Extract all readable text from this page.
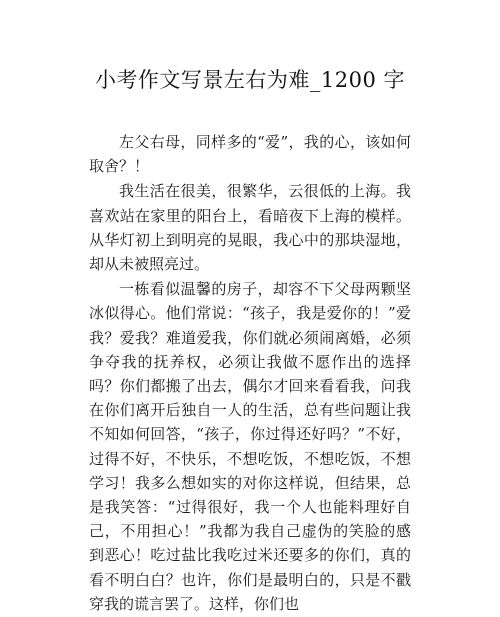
小考作文写景左右为难_1200 字

左父右母，同样多的“爱”，我的心，该如何取舍？！

我生活在很美，很繁华，云很低的上海。我喜欢站在家里的阳台上，看暗夜下上海的模样。从华灯初上到明亮的晃眼，我心中的那块湿地，却从未被照亮过。

一栋看似温馨的房子，却容不下父母两颗坚冰似得心。他们常说：“孩子，我是爱你的！”爱我？爱我？难道爱我，你们就必须闹离婚，必须争夺我的抚养权，必须让我做不愿作出的选择吗？你们都搬了出去，偶尔才回来看看我，问我在你们离开后独自一人的生活，总有些问题让我不知如何回答，“孩子，你过得还好吗？”不好，过得不好，不快乐，不想吃饭，不想吃饭，不想学习！我多么想如实的对你这样说，但结果，总是我笑答：“过得很好，我一个人也能料理好自己，不用担心！”我都为我自己虚伪的笑脸的感到恶心！吃过盐比我吃过米还要多的你们，真的看不明白白？也许，你们是最明白的，只是不戳穿我的谎言罢了。这样，你们也
